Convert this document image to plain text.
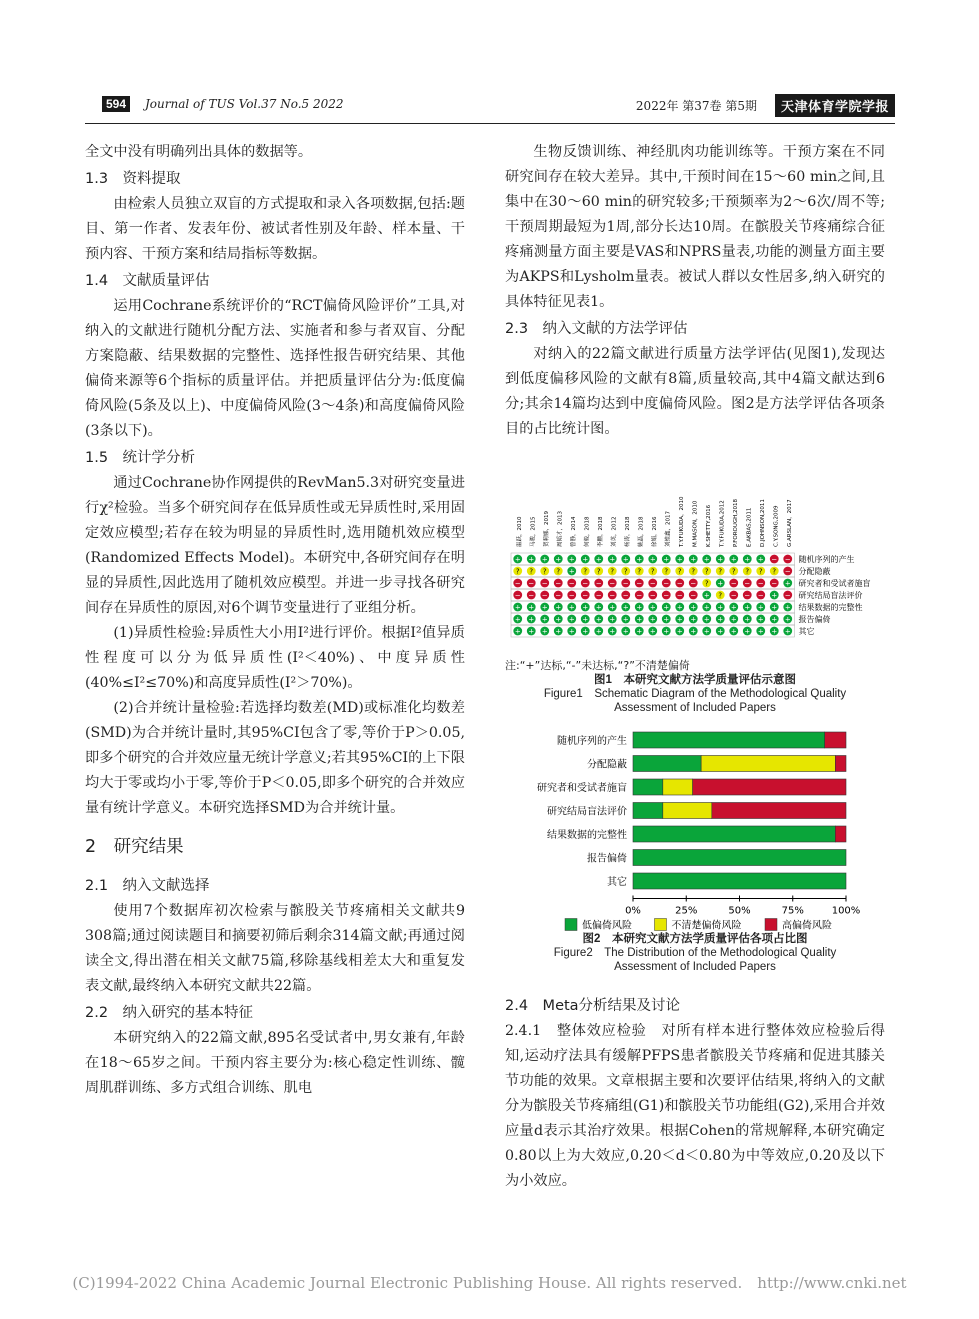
594	Journal of TUS Vol.37 No.5 2022	2022年 第37卷 第5期	天津体育学院学报

全文中没有明确列出具体的数据等。

1.3　资料提取

由检索人员独立双盲的方式提取和录入各项数据,包括:题目、第一作者、发表年份、被试者性别及年龄、样本量、干预内容、干预方案和结局指标等数据。

1.4　文献质量评估

运用Cochrane系统评价的“RCT偏倚风险评价”工具,对纳入的文献进行随机分配方法、实施者和参与者双盲、分配方案隐蔽、结果数据的完整性、选择性报告研究结果、其他偏倚来源等6个指标的质量评估。并把质量评估分为:低度偏倚风险(5条及以上)、中度偏倚风险(3～4条)和高度偏倚风险(3条以下)。

1.5　统计学分析

通过Cochrane协作网提供的RevMan5.3对研究变量进行χ²检验。当多个研究间存在低异质性或无异质性时,采用固定效应模型;若存在较为明显的异质性时,选用随机效应模型(Randomized Effects Model)。本研究中,各研究间存在明显的异质性,因此选用了随机效应模型。并进一步寻找各研究间存在异质性的原因,对6个调节变量进行了亚组分析。

(1)异质性检验:异质性大小用I²进行评价。根据I²值异质性程度可以分为低异质性(I²＜40%)、中度异质性(40%≤I²≤70%)和高度异质性(I²＞70%)。

(2)合并统计量检验:若选择均数差(MD)或标准化均数差(SMD)为合并统计量时,其95%CI包含了零,等价于P＞0.05,即多个研究的合并效应量无统计学意义;若其95%CI的上下限均大于零或均小于零,等价于P＜0.05,即多个研究的合并效应量有统计学意义。本研究选择SMD为合并统计量。

2　研究结果
2.1　纳入文献选择

使用7个数据库初次检索与髌股关节疼痛相关文献共9 308篇;通过阅读题目和摘要初筛后剩余314篇文献;再通过阅读全文,得出潜在相关文献75篇,移除基线相差太大和重复发表文献,最终纳入本研究文献共22篇。

2.2　纳入研究的基本特征

本研究纳入的22篇文献,895名受试者中,男女兼有,年龄在18～65岁之间。干预内容主要分为:核心稳定性训练、髋周肌群训练、多方式组合训练、肌电

生物反馈训练、神经肌肉功能训练等。干预方案在不同研究间存在较大差异。其中,干预时间在15～60 min之间,且集中在30～60 min的研究较多;干预频率为2～6次/周不等;干预周期最短为1周,部分长达10周。在髌股关节疼痛综合征疼痛测量方面主要是VAS和NPRS量表,功能的测量方面主要为AKPS和Lysholm量表。被试人群以女性居多,纳入研究的具体特征见表1。

2.3　纳入文献的方法学评估

对纳入的22篇文献进行质量方法学评估(见图1),发现达到低度偏移风险的文献有8篇,质量较高,其中4篇文献达到6分;其余14篇均达到中度偏倚风险。图2是方法学评估各项条目的占比统计图。

温跃，2010	马骏，2015	贺莉娜，2019	周韬才，2013	曾静，2014	何毅，2018	李鹏，2018	刘英，2012	杨涛，2018	姚磊，2018	徐娟，2016	刘维鑫，2017 T.Y.FUKUDA，2010 M.MASON，2010 K.SHETTY,2016 T.Y.FUKUDA,2012 P.FOROUGH,2018 E.AKBAS,2011 D.JOHNSON,2011 C.Y.SONG,2009 G.ARSLAN，2017
+ + + + + + + + + + + + + + + + + + + − − 随机序列的产生
? ? ? ? + ? ? ? ? ? ? ? ? ? ? ? ? ? ? ? − 分配隐蔽
− − − − − − − − − − − − − − ? + − − − − + 研究者和受试者施盲
− − − − − − − − − − − − − − + ? − − − + − 研究结局盲法评价
+ + + + + + + + + + + + + + + + + + + + + 结果数据的完整性
+ + + + + + + + + + + + + + + + + + + + + 报告偏倚
+ + + + + + + + + + + + + + + + + + + + + 其它
注:“+”达标,“-”未达标,“?”不清楚偏倚
图1　本研究文献方法学质量评估示意图
Figure1　Schematic Diagram of the Methodological Quality Assessment of Included Papers
随机序列的产生
分配隐蔽
研究者和受试者施盲
研究结局盲法评价
结果数据的完整性
报告偏倚
其它
0%	25%	50%	75%	100%
低偏倚风险	不清楚偏倚风险	高偏倚风险
图2　本研究文献方法学质量评估各项占比图
Figure2　The Distribution of the Methodological Quality Assessment of Included Papers
2.4　Meta分析结果及讨论

2.4.1　整体效应检验　对所有样本进行整体效应检验后得知,运动疗法具有缓解PFPS患者髌股关节疼痛和促进其膝关节功能的效果。文章根据主要和次要评估结果,将纳入的文献分为髌股关节疼痛组(G1)和髌股关节功能组(G2),采用合并效应量d表示其治疗效果。根据Cohen的常规解释,本研究确定0.80以上为大效应,0.20＜d＜0.80为中等效应,0.20及以下为小效应。

(C)1994-2022 China Academic Journal Electronic Publishing House. All rights reserved.　http://www.cnki.net
